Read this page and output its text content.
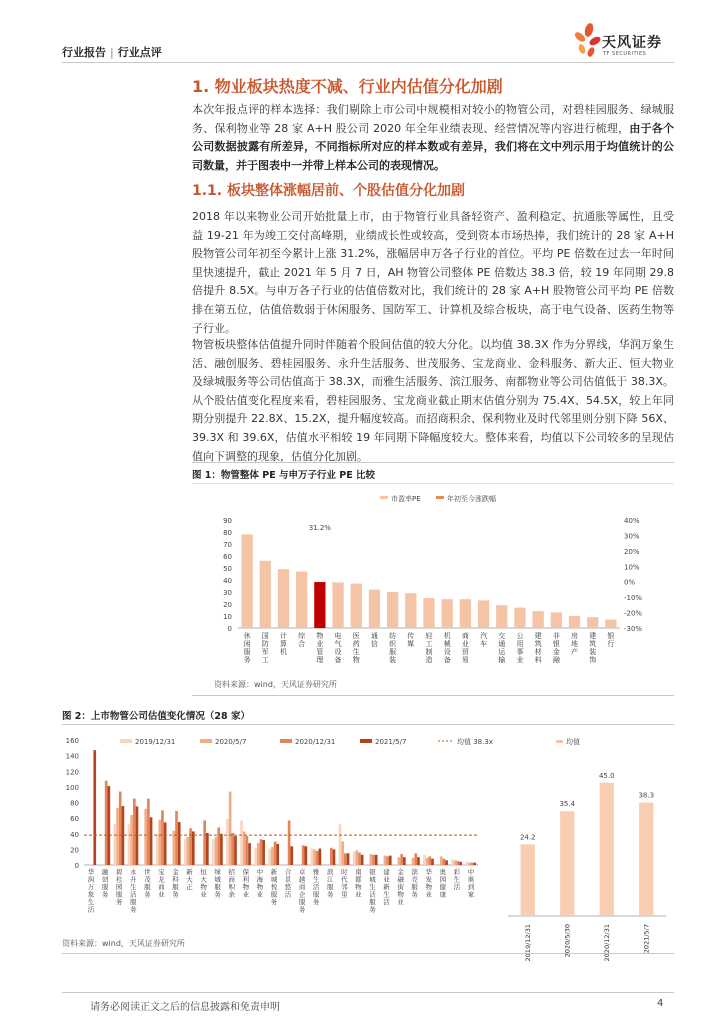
行业报告 | 行业点评
天风证券
TF SECURITIES
1. 物业板块热度不减、行业内估值分化加剧
本次年报点评的样本选择：我们剔除上市公司中规模相对较小的物管公司，对碧桂园服务、绿城服务、保利物业等 28 家 A+H 股公司 2020 年全年业绩表现、经营情况等内容进行梳理，由于各个公司数据披露有所差异，不同指标所对应的样本数或有差异，我们将在文中列示用于均值统计的公司数量，并于图表中一并带上样本公司的表现情况。
1.1. 板块整体涨幅居前、个股估值分化加剧
2018 年以来物业公司开始批量上市，由于物管行业具备轻资产、盈利稳定、抗通胀等属性，且受益 19-21 年为竣工交付高峰期，业绩成长性或较高，受到资本市场热捧，我们统计的 28 家 A+H 股物管公司年初至今累计上涨 31.2%，涨幅居申万各子行业的首位。平均 PE 倍数在过去一年时间里快速提升，截止 2021 年 5 月 7 日，AH 物管公司整体 PE 倍数达 38.3 倍，较 19 年同期 29.8 倍提升 8.5X。与申万各子行业的估值倍数对比，我们统计的 28 家 A+H 股物管公司平均 PE 倍数排在第五位，估值倍数弱于休闲服务、国防军工、计算机及综合板块，高于电气设备、医药生物等子行业。
物管板块整体估值提升同时伴随着个股间估值的较大分化。以均值 38.3X 作为分界线，华润万象生活、融创服务、碧桂园服务、永升生活服务、世茂服务、宝龙商业、金科服务、新大正、恒大物业及绿城服务等公司估值高于 38.3X，而雅生活服务、滨江服务、南都物业等公司估值低于 38.3X。从个股估值变化程度来看，碧桂园服务、宝龙商业截止期末估值分别为 75.4X、54.5X，较上年同期分别提升 22.8X、15.2X，提升幅度较高。而招商积余、保利物业及时代邻里则分别下降 56X、39.3X 和 39.6X，估值水平相较 19 年同期下降幅度较大。整体来看，均值以下公司较多的呈现估值向下调整的现象，估值分化加剧。
图 1：物管整体 PE 与申万子行业 PE 比较
市盈率PE	年初至今涨跌幅
0
10
20
30
40
50
60
70
80
90
-30%
-20%
-10%
0%
10%
20%
30%
40%
休闲服务
国防军工
计算机
综合
物业管理
31.2%
电气设备
医药生物
通信
纺织服装
传媒
轻工制造
机械设备
商业贸易
汽车
交通运输
公用事业
建筑材料
非银金融
房地产
建筑装饰
银行
资料来源：wind，天风证券研究所
图 2：上市物管公司估值变化情况（28 家）
2019/12/31	2020/5/7	2020/12/31	2021/5/7	均值 38.3x
0
20
40
60
80
100
120
140
160
华润万象生活
融创服务
碧桂园服务
永升生活服务
世茂服务
宝龙商业
金科服务
新大正
恒大物业
绿城服务
招商积余
保利物业
中海物业
新城悦服务
合景悠活
卓越商企服务
雅生活服务
滨江服务
时代邻里
南都物业
银城生活服务
建业新生活
金融街物业
滨亮服务
华发物业
奥园健康
彩生活
中奥到家
均值
24.2
2019/12/31
35.4
2020/5/30
45.0
2020/12/31
38.3
2021/5/7
资料来源：wind，天风证券研究所
请务必阅读正文之后的信息披露和免责申明	4
